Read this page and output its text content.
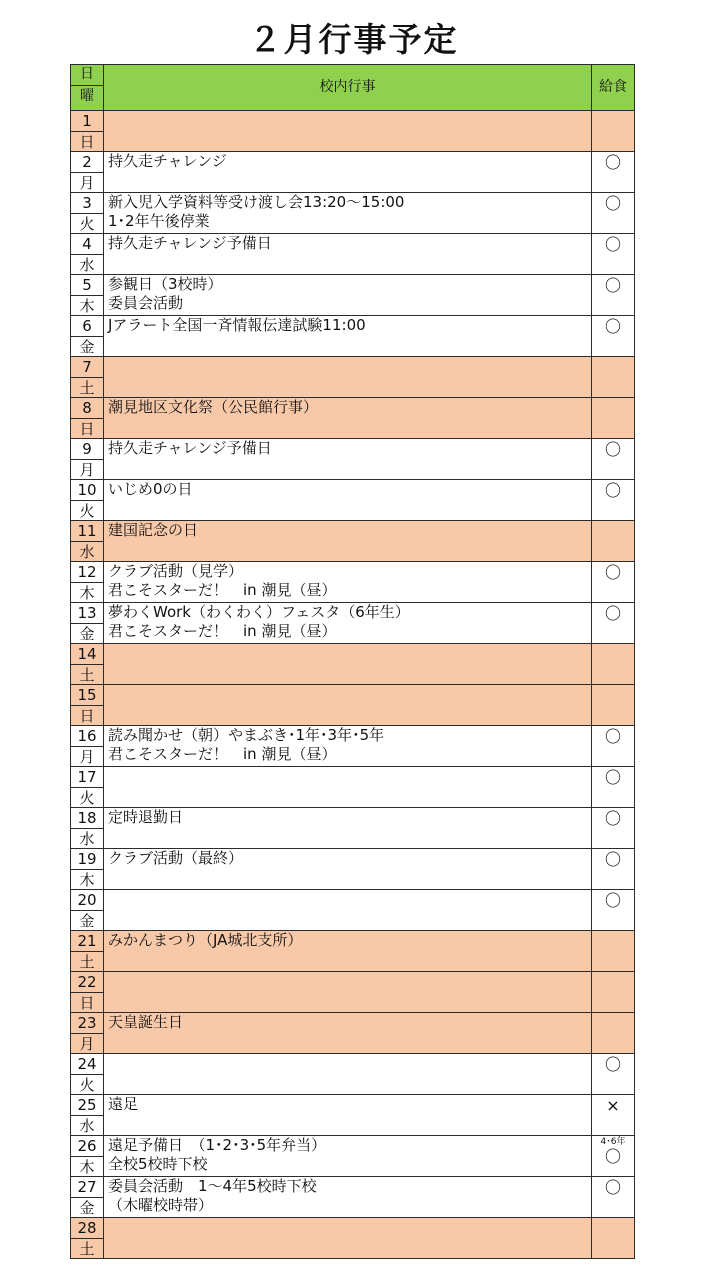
２月行事予定
日
曜	校内行事	給食

1
日		

2
月	持久走チャレンジ	〇

3
火	新入児入学資料等受け渡し会13:20～15:00
1･2年午後停業	〇

4
水	持久走チャレンジ予備日	〇

5
木	参観日（3校時）
委員会活動	〇

6
金	Jアラート全国一斉情報伝達試験11:00	〇

7
土		

8
日	潮見地区文化祭（公民館行事）	

9
月	持久走チャレンジ予備日	〇

10
火	いじめ0の日	〇

11
水	建国記念の日	

12
木	クラブ活動（見学）
君こそスターだ！　in 潮見（昼）	〇

13
金	夢わくWork（わくわく）フェスタ（6年生）
君こそスターだ！　in 潮見（昼）	〇

14
土		

15
日		

16
月	読み聞かせ（朝）やまぶき･1年･3年･5年
君こそスターだ！　in 潮見（昼）	〇

17
火		〇

18
水	定時退勤日	〇

19
木	クラブ活動（最終）	〇

20
金		〇

21
土	みかんまつり（JA城北支所）	

22
日		

23
月	天皇誕生日	

24
火		〇

25
水	遠足	×

26
木	遠足予備日　（1･2･3･5年弁当）
全校5校時下校	4･6年
〇

27
金	委員会活動　1～4年5校時下校
（木曜校時帯）	〇

28
土		
